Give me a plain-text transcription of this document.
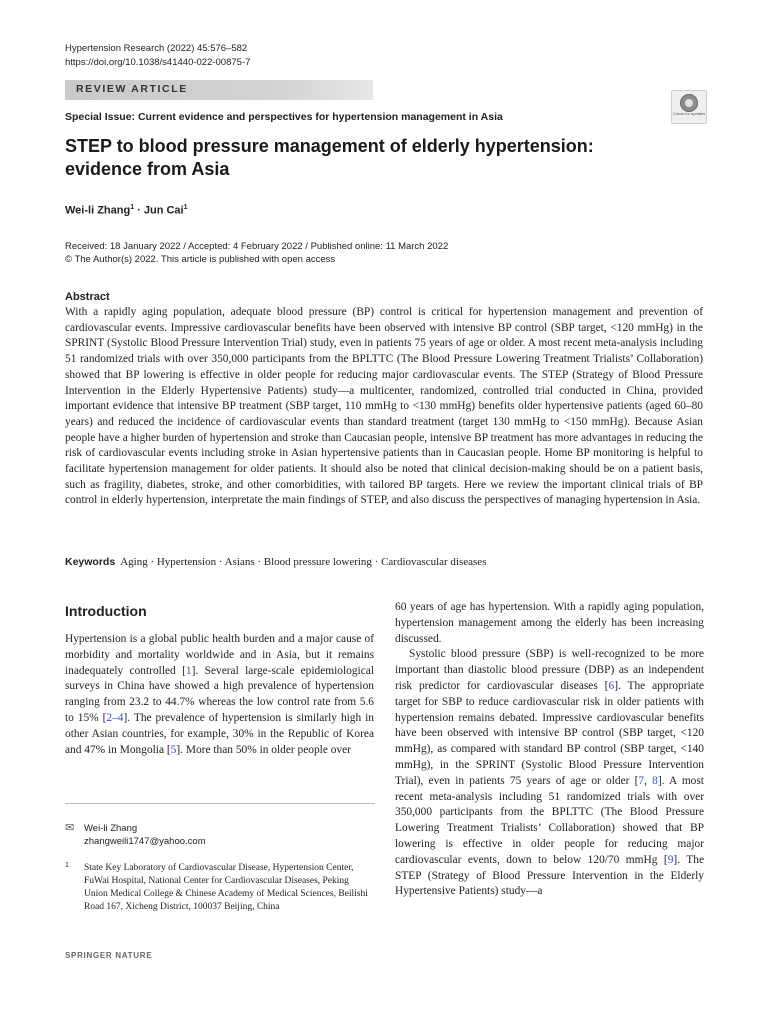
Hypertension Research (2022) 45:576–582
https://doi.org/10.1038/s41440-022-00875-7
REVIEW ARTICLE
Special Issue: Current evidence and perspectives for hypertension management in Asia	Check for updates
STEP to blood pressure management of elderly hypertension: evidence from Asia
Wei-li Zhang$^1$ · Jun Cai$^1$
Received: 18 January 2022 / Accepted: 4 February 2022 / Published online: 11 March 2022
© The Author(s) 2022. This article is published with open access
Abstract
With a rapidly aging population, adequate blood pressure (BP) control is critical for hypertension management and prevention of cardiovascular events. Impressive cardiovascular benefits have been observed with intensive BP control (SBP target, <120 mmHg) in the SPRINT (Systolic Blood Pressure Intervention Trial) study, even in patients 75 years of age or older. A most recent meta-analysis including 51 randomized trials with over 350,000 participants from the BPLTTC (The Blood Pressure Lowering Treatment Trialists’ Collaboration) showed that BP lowering is effective in older people for reducing major cardiovascular events. The STEP (Strategy of Blood Pressure Intervention in the Elderly Hypertensive Patients) study—a multicenter, randomized, controlled trial conducted in China, provided important evidence that intensive BP treatment (SBP target, 110 mmHg to <130 mmHg) benefits older hypertensive patients (aged 60–80 years) and reduced the incidence of cardiovascular events than standard treatment (target 130 mmHg to <150 mmHg). Because Asian people have a higher burden of hypertension and stroke than Caucasian people, intensive BP treatment has more advantages in reducing the risk of cardiovascular events including stroke in Asian hypertensive patients than in Caucasian people. Home BP monitoring is helpful to facilitate hypertension management for older patients. It should also be noted that clinical decision-making should be on a patient basis, such as fragility, diabetes, stroke, and other comorbidities, with tailored BP targets. Here we review the important clinical trials of BP control in elderly hypertension, interpretate the main findings of STEP, and also discuss the perspectives of managing hypertension in Asia.
Keywords Aging · Hypertension · Asians · Blood pressure lowering · Cardiovascular diseases
Introduction

Hypertension is a global public health burden and a major cause of morbidity and mortality worldwide and in Asia, but it remains inadequately controlled [1]. Several large-scale epidemiological surveys in China have showed a high prevalence of hypertension ranging from 23.2 to 44.7% whereas the low control rate from 5.6 to 15% [2–4]. The prevalence of hypertension is similarly high in other Asian countries, for example, 30% in the Republic of Korea and 47% in Mongolia [5]. More than 50% in older people over

60 years of age has hypertension. With a rapidly aging population, hypertension management among the elderly has been increasing discussed.

Systolic blood pressure (SBP) is well-recognized to be more important than diastolic blood pressure (DBP) as an independent risk predictor for cardiovascular diseases [6]. The appropriate target for SBP to reduce cardiovascular risk in older patients with hypertension remains debated. Impressive cardiovascular benefits have been observed with intensive BP control (SBP target, <120 mmHg), as compared with standard BP control (SBP target, <140 mmHg), in the SPRINT (Systolic Blood Pressure Intervention Trial), even in patients 75 years of age or older [7, 8]. A most recent meta-analysis including 51 randomized trials with over 350,000 participants from the BPLTTC (The Blood Pressure Lowering Treatment Trialists’ Collaboration) showed that BP lowering is effective in older people for reducing major cardiovascular events, down to below 120/70 mmHg [9]. The STEP (Strategy of Blood Pressure Intervention in the Elderly Hypertensive Patients) study—a

✉ Wei-li Zhang
zhangweili1747@yahoo.com
1 State Key Laboratory of Cardiovascular Disease, Hypertension Center, FuWai Hospital, National Center for Cardiovascular Diseases, Peking Union Medical College & Chinese Academy of Medical Sciences, Beilishi Road 167, Xicheng District, 100037 Beijing, China
SPRINGER NATURE
